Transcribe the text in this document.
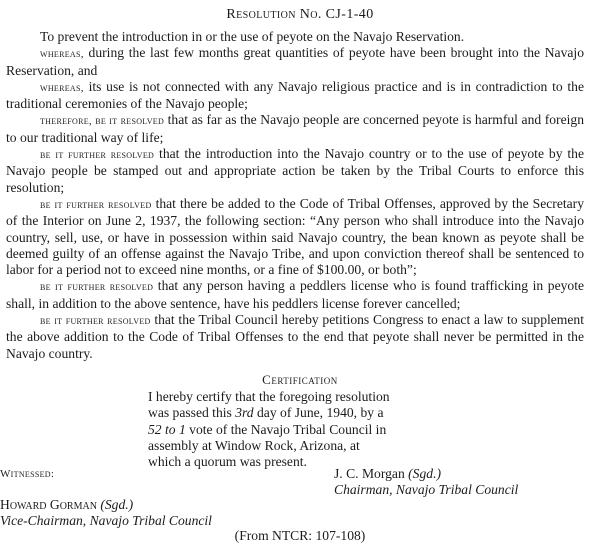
Resolution No. CJ-1-40

To prevent the introduction in or the use of peyote on the Navajo Reservation.

whereas, during the last few months great quantities of peyote have been brought into the Navajo Reservation, and

whereas, its use is not connected with any Navajo religious practice and is in contradiction to the traditional ceremonies of the Navajo people;

therefore, be it resolved that as far as the Navajo people are concerned peyote is harmful and foreign to our traditional way of life;

be it further resolved that the introduction into the Navajo country or to the use of peyote by the Navajo people be stamped out and appropriate action be taken by the Tribal Courts to enforce this resolution;

be it further resolved that there be added to the Code of Tribal Offenses, approved by the Secretary of the Interior on June 2, 1937, the following section: “Any person who shall introduce into the Navajo country, sell, use, or have in possession within said Navajo country, the bean known as peyote shall be deemed guilty of an offense against the Navajo Tribe, and upon conviction thereof shall be sentenced to labor for a period not to exceed nine months, or a fine of $100.00, or both”;

be it further resolved that any person having a peddlers license who is found trafficking in peyote shall, in addition to the above sentence, have his peddlers license forever cancelled;

be it further resolved that the Tribal Council hereby petitions Congress to enact a law to supplement the above addition to the Code of Tribal Offenses to the end that peyote shall never be permitted in the Navajo country.

Certification
I hereby certify that the foregoing resolution
was passed this 3rd day of June, 1940, by a
52 to 1 vote of the Navajo Tribal Council in
assembly at Window Rock, Arizona, at
which a quorum was present.
Witnessed:	J. C. Morgan (Sgd.)
Chairman, Navajo Tribal Council
Howard Gorman (Sgd.)
Vice-Chairman, Navajo Tribal Council
(From NTCR: 107-108)
